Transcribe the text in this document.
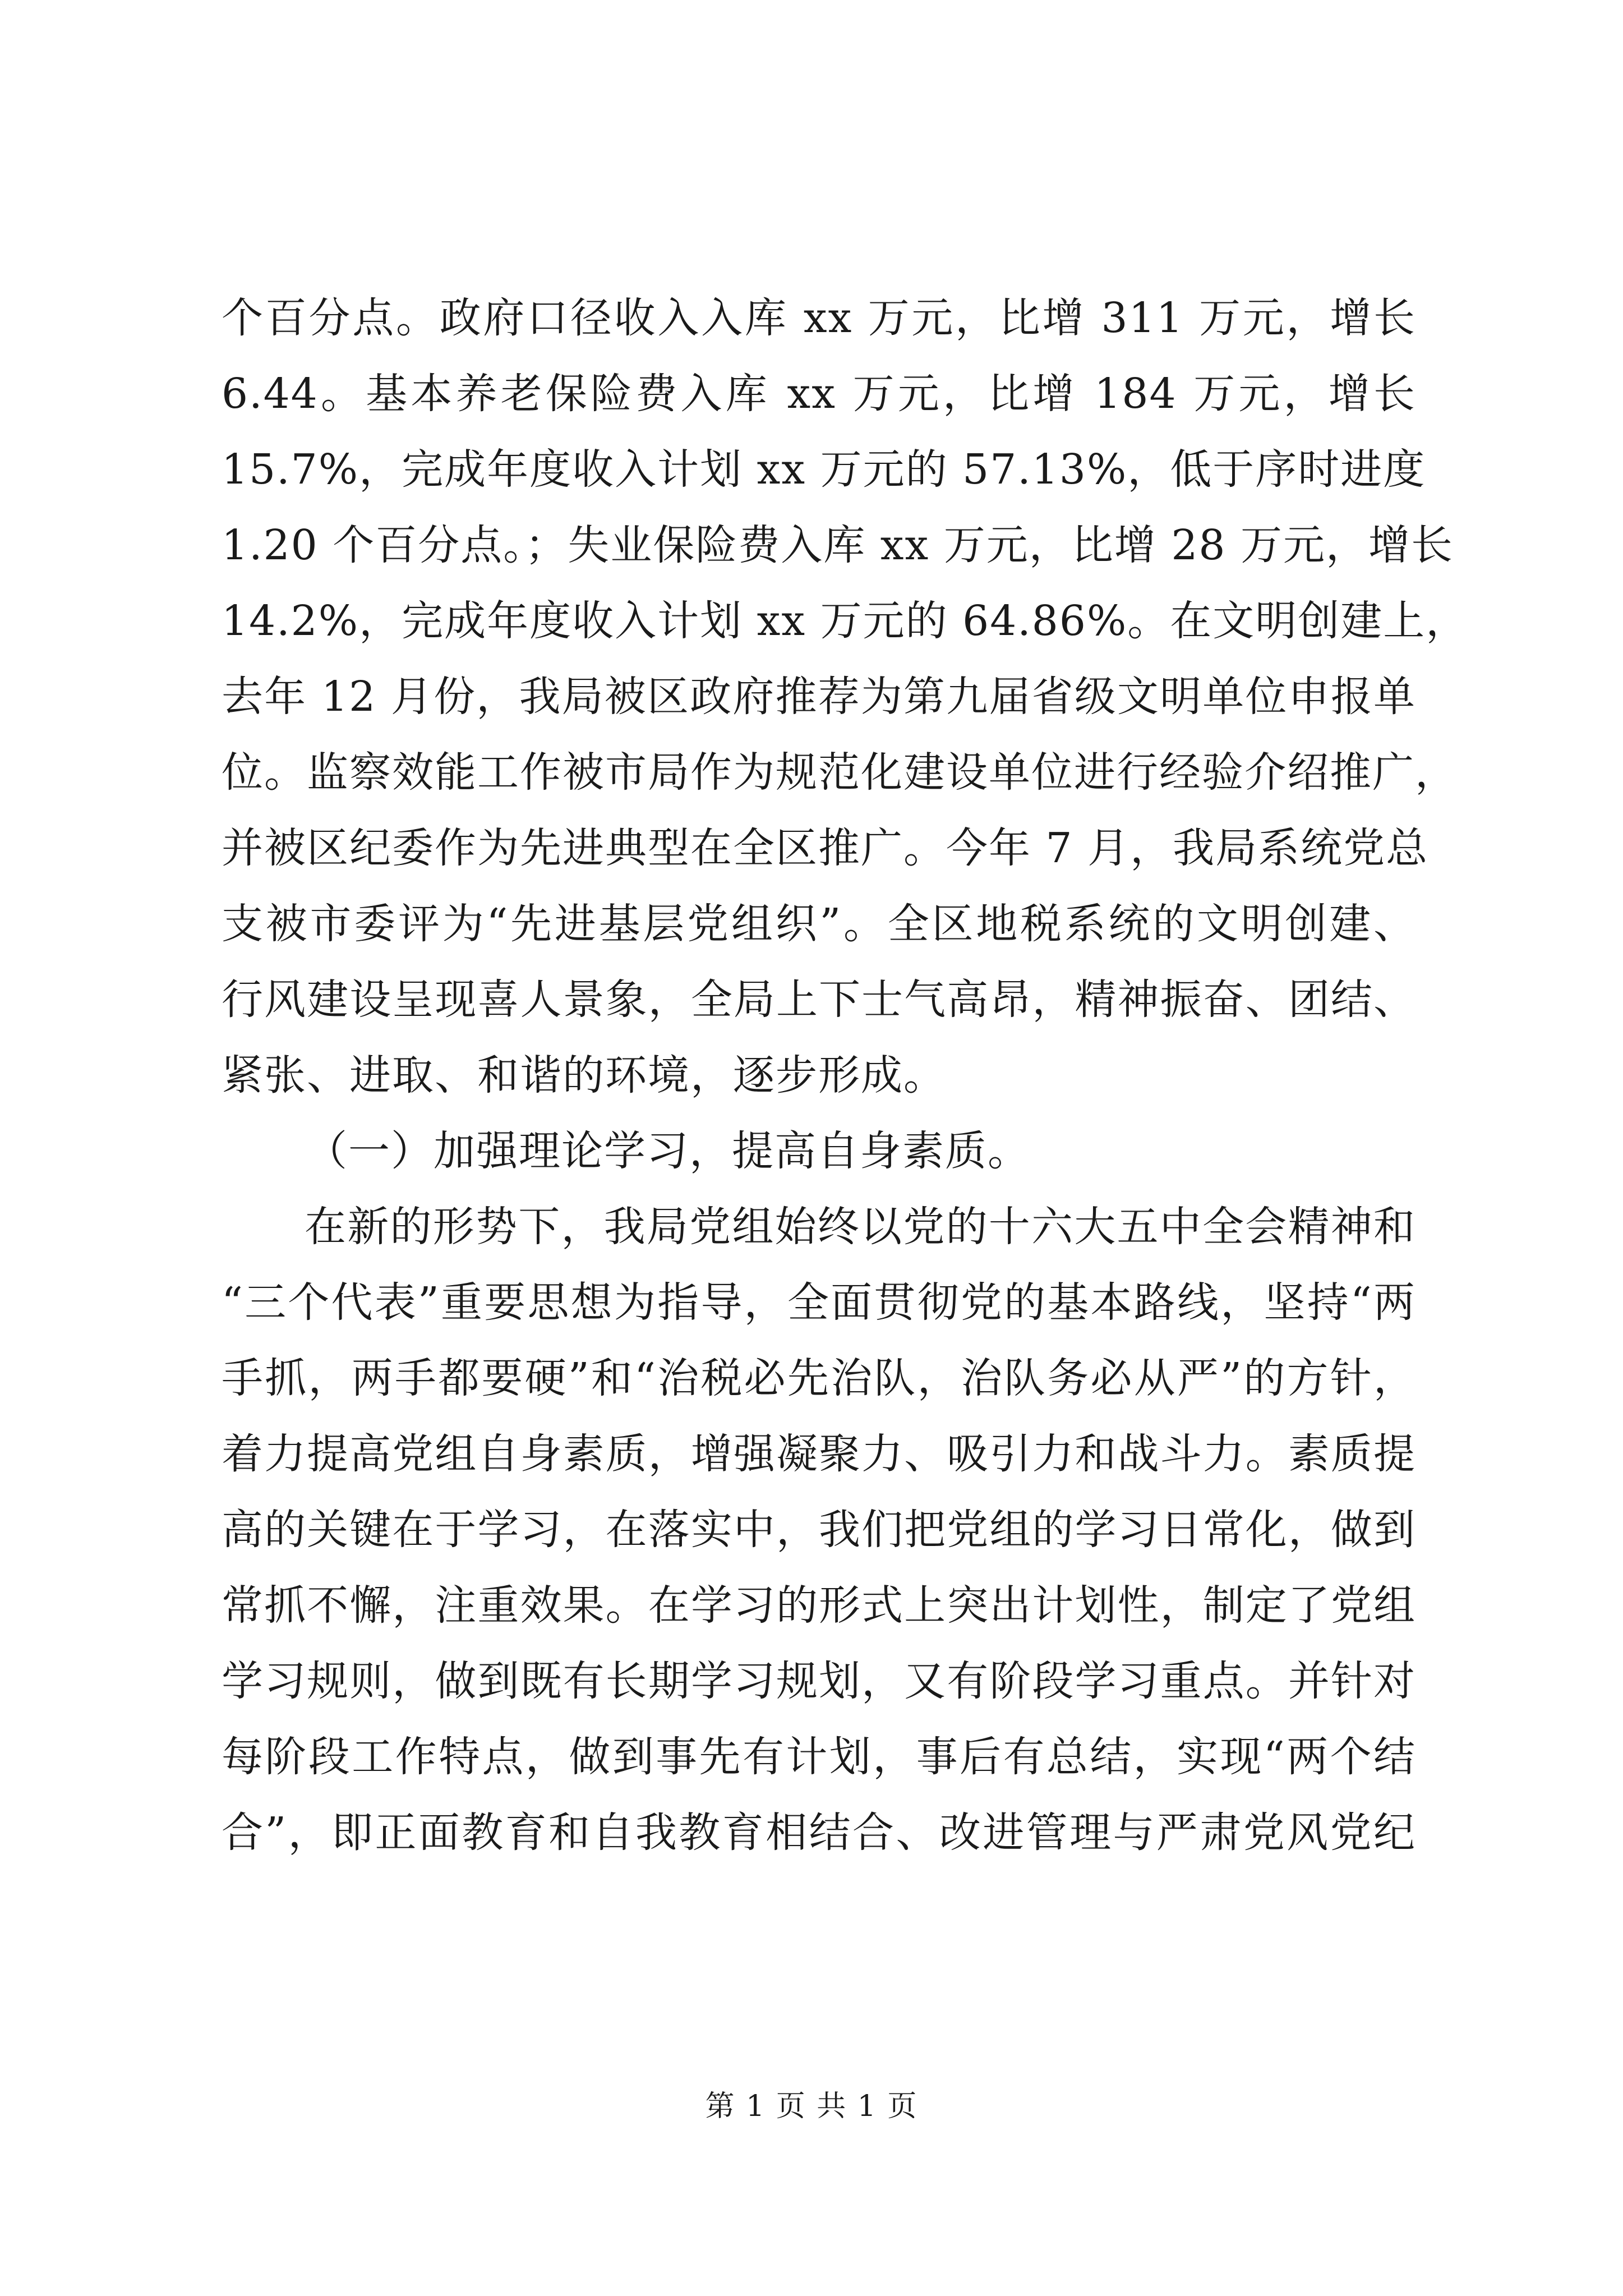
个百分点。政府口径收入入库 xx 万元，比增 311 万元，增长
6.44。基本养老保险费入库 xx 万元，比增 184 万元，增长
15.7%，完成年度收入计划 xx 万元的 57.13%，低于序时进度
1.20 个百分点。；失业保险费入库 xx 万元，比增 28 万元，增长
14.2%，完成年度收入计划 xx 万元的 64.86%。在文明创建上，
去年 12 月份，我局被区政府推荐为第九届省级文明单位申报单
位。监察效能工作被市局作为规范化建设单位进行经验介绍推广，
并被区纪委作为先进典型在全区推广。今年 7 月，我局系统党总
支被市委评为“先进基层党组织”。全区地税系统的文明创建、
行风建设呈现喜人景象，全局上下士气高昂，精神振奋、团结、
紧张、进取、和谐的环境，逐步形成。
（一）加强理论学习，提高自身素质。
在新的形势下，我局党组始终以党的十六大五中全会精神和
“三个代表”重要思想为指导，全面贯彻党的基本路线，坚持“两
手抓，两手都要硬”和“治税必先治队，治队务必从严”的方针，
着力提高党组自身素质，增强凝聚力、吸引力和战斗力。素质提
高的关键在于学习，在落实中，我们把党组的学习日常化，做到
常抓不懈，注重效果。在学习的形式上突出计划性，制定了党组
学习规则，做到既有长期学习规划，又有阶段学习重点。并针对
每阶段工作特点，做到事先有计划，事后有总结，实现“两个结
合”，即正面教育和自我教育相结合、改进管理与严肃党风党纪
第 1 页 共 1 页
